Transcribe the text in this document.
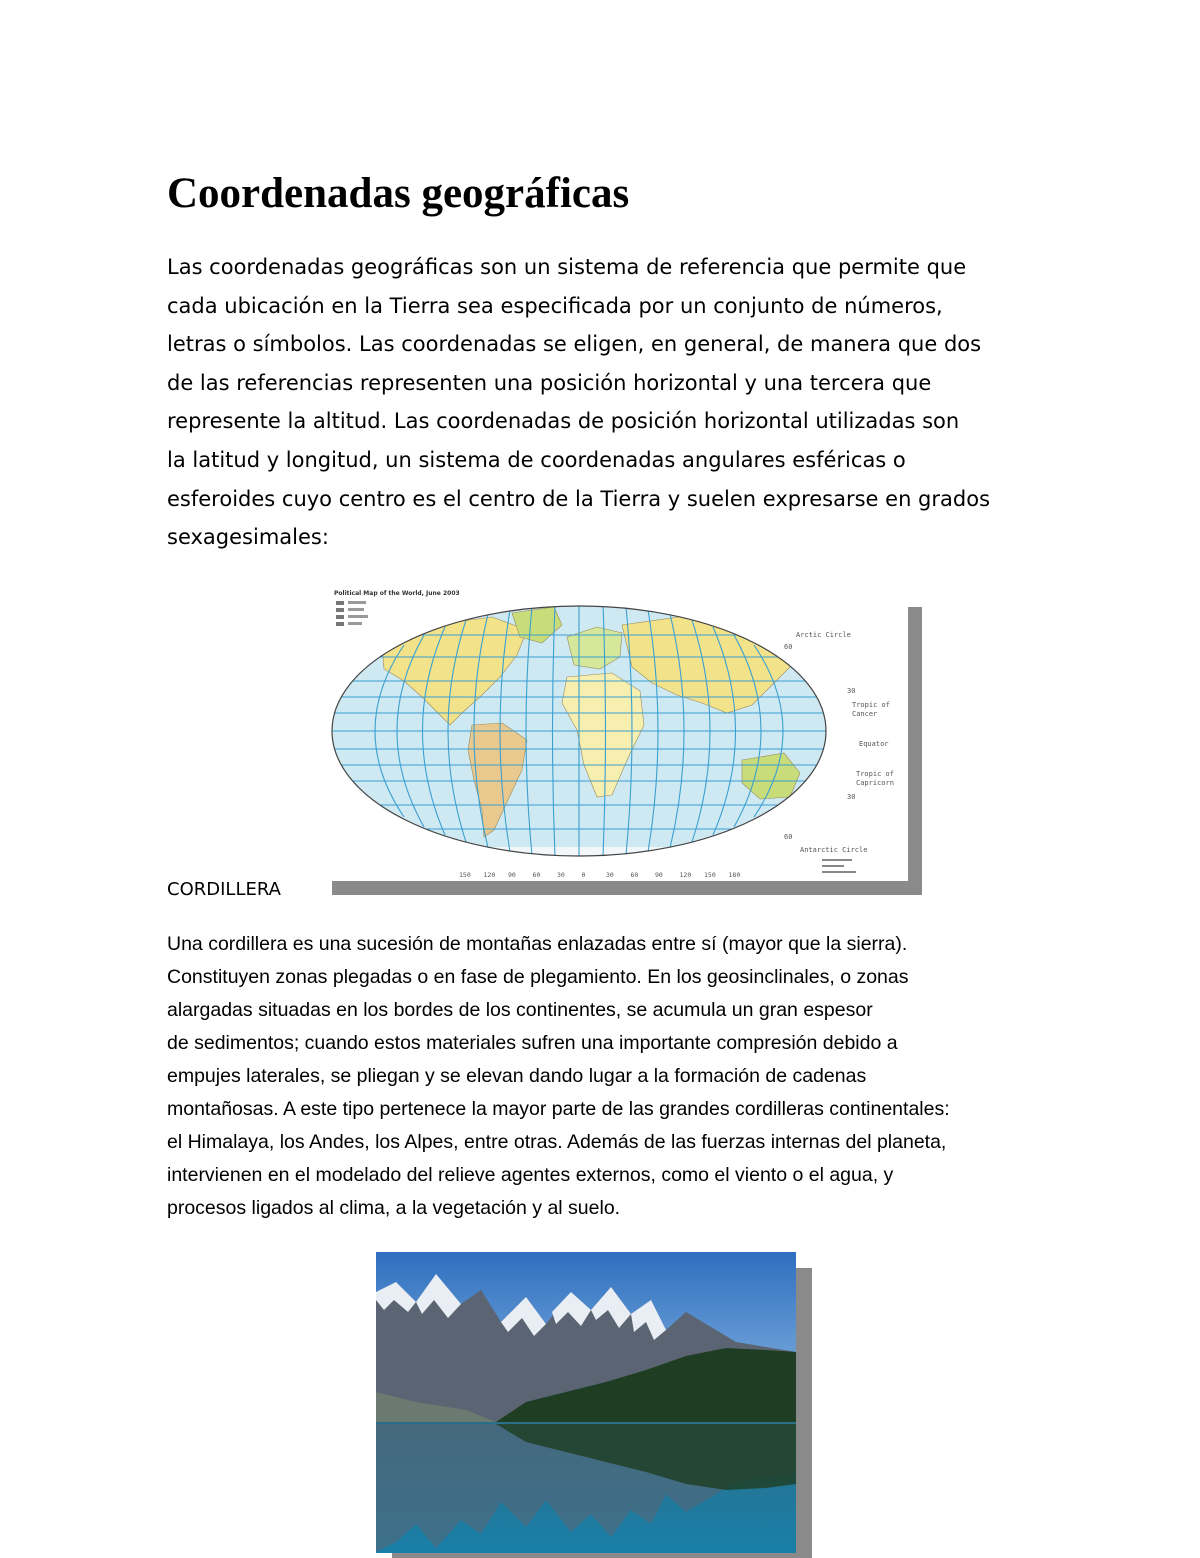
Coordenadas geográficas
Las coordenadas geográficas son un sistema de referencia que permite que
cada ubicación en la Tierra sea especificada por un conjunto de números,
letras o símbolos. Las coordenadas se eligen, en general, de manera que dos
de las referencias representen una posición horizontal y una tercera que
represente la altitud. Las coordenadas de posición horizontal utilizadas son
la latitud y longitud, un sistema de coordenadas angulares esféricas o
esferoides cuyo centro es el centro de la Tierra y suelen expresarse en grados
sexagesimales:
Political Map of the World, June 2003
Arctic Circle
60
30
Tropic of
Cancer
Equator
Tropic of
Capricorn
30
60
Antarctic Circle
150 120 90	60	30	0	30	60	90	120 150 180
CORDILLERA
Una cordillera es una sucesión de montañas enlazadas entre sí (mayor que la sierra).
Constituyen zonas plegadas o en fase de plegamiento. En los geosinclinales, o zonas
alargadas situadas en los bordes de los continentes, se acumula un gran espesor
de sedimentos; cuando estos materiales sufren una importante compresión debido a
empujes laterales, se pliegan y se elevan dando lugar a la formación de cadenas
montañosas. A este tipo pertenece la mayor parte de las grandes cordilleras continentales:
el Himalaya, los Andes, los Alpes, entre otras. Además de las fuerzas internas del planeta,
intervienen en el modelado del relieve agentes externos, como el viento o el agua, y
procesos ligados al clima, a la vegetación y al suelo.
